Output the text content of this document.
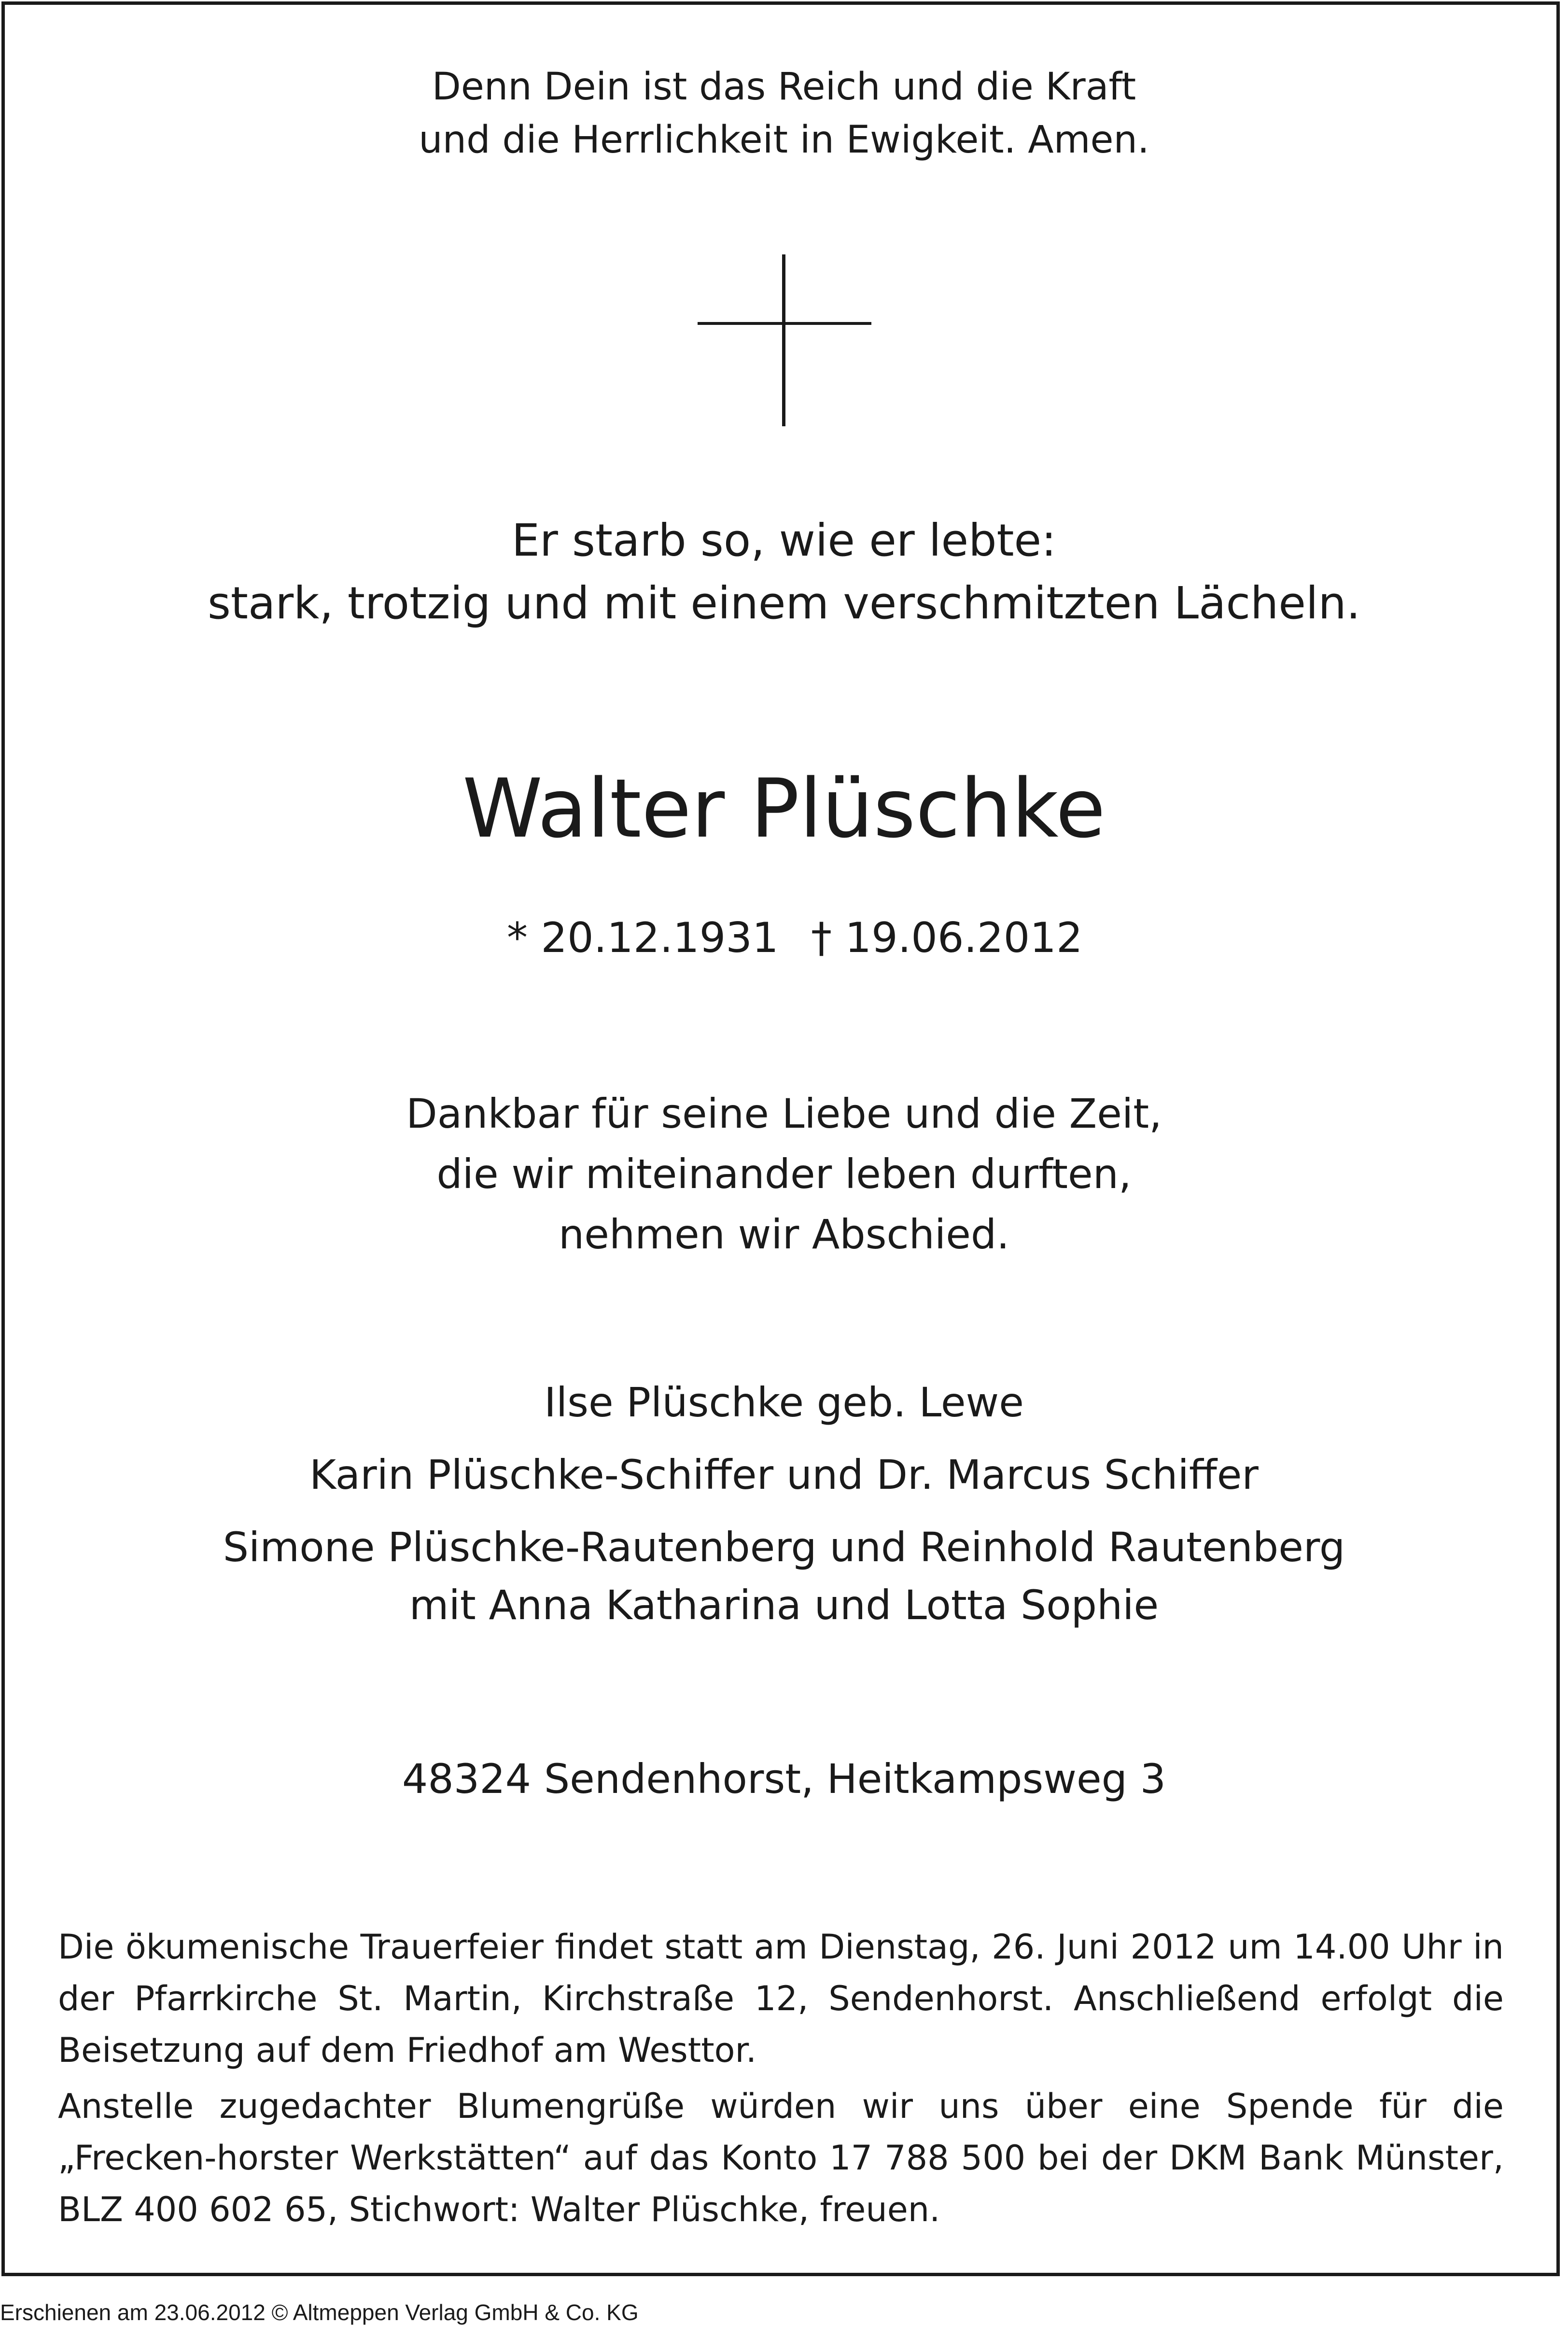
Denn Dein ist das Reich und die Kraft

und die Herrlichkeit in Ewigkeit. Amen.

Er starb so, wie er lebte:

stark, trotzig und mit einem verschmitzten Lächeln.

Walter Plüschke
* 20.12.1931 † 19.06.2012

Dankbar für seine Liebe und die Zeit,

die wir miteinander leben durften,

nehmen wir Abschied.

Ilse Plüschke geb. Lewe

Karin Plüschke-Schiffer und Dr. Marcus Schiffer

Simone Plüschke-Rautenberg und Reinhold Rautenberg

mit Anna Katharina und Lotta Sophie

48324 Sendenhorst, Heitkampsweg 3

Die ökumenische Trauerfeier findet statt am Dienstag, 26. Juni 2012 um 14.00 Uhr in der Pfarrkirche St. Martin, Kirchstraße 12, Sendenhorst. Anschließend erfolgt die Beisetzung auf dem Friedhof am Westtor.

Anstelle zugedachter Blumengrüße würden wir uns über eine Spende für die „Frecken-horster Werkstätten“ auf das Konto 17 788 500 bei der DKM Bank Münster, BLZ 400 602 65, Stichwort: Walter Plüschke, freuen.

Erschienen am 23.06.2012 © Altmeppen Verlag GmbH & Co. KG
